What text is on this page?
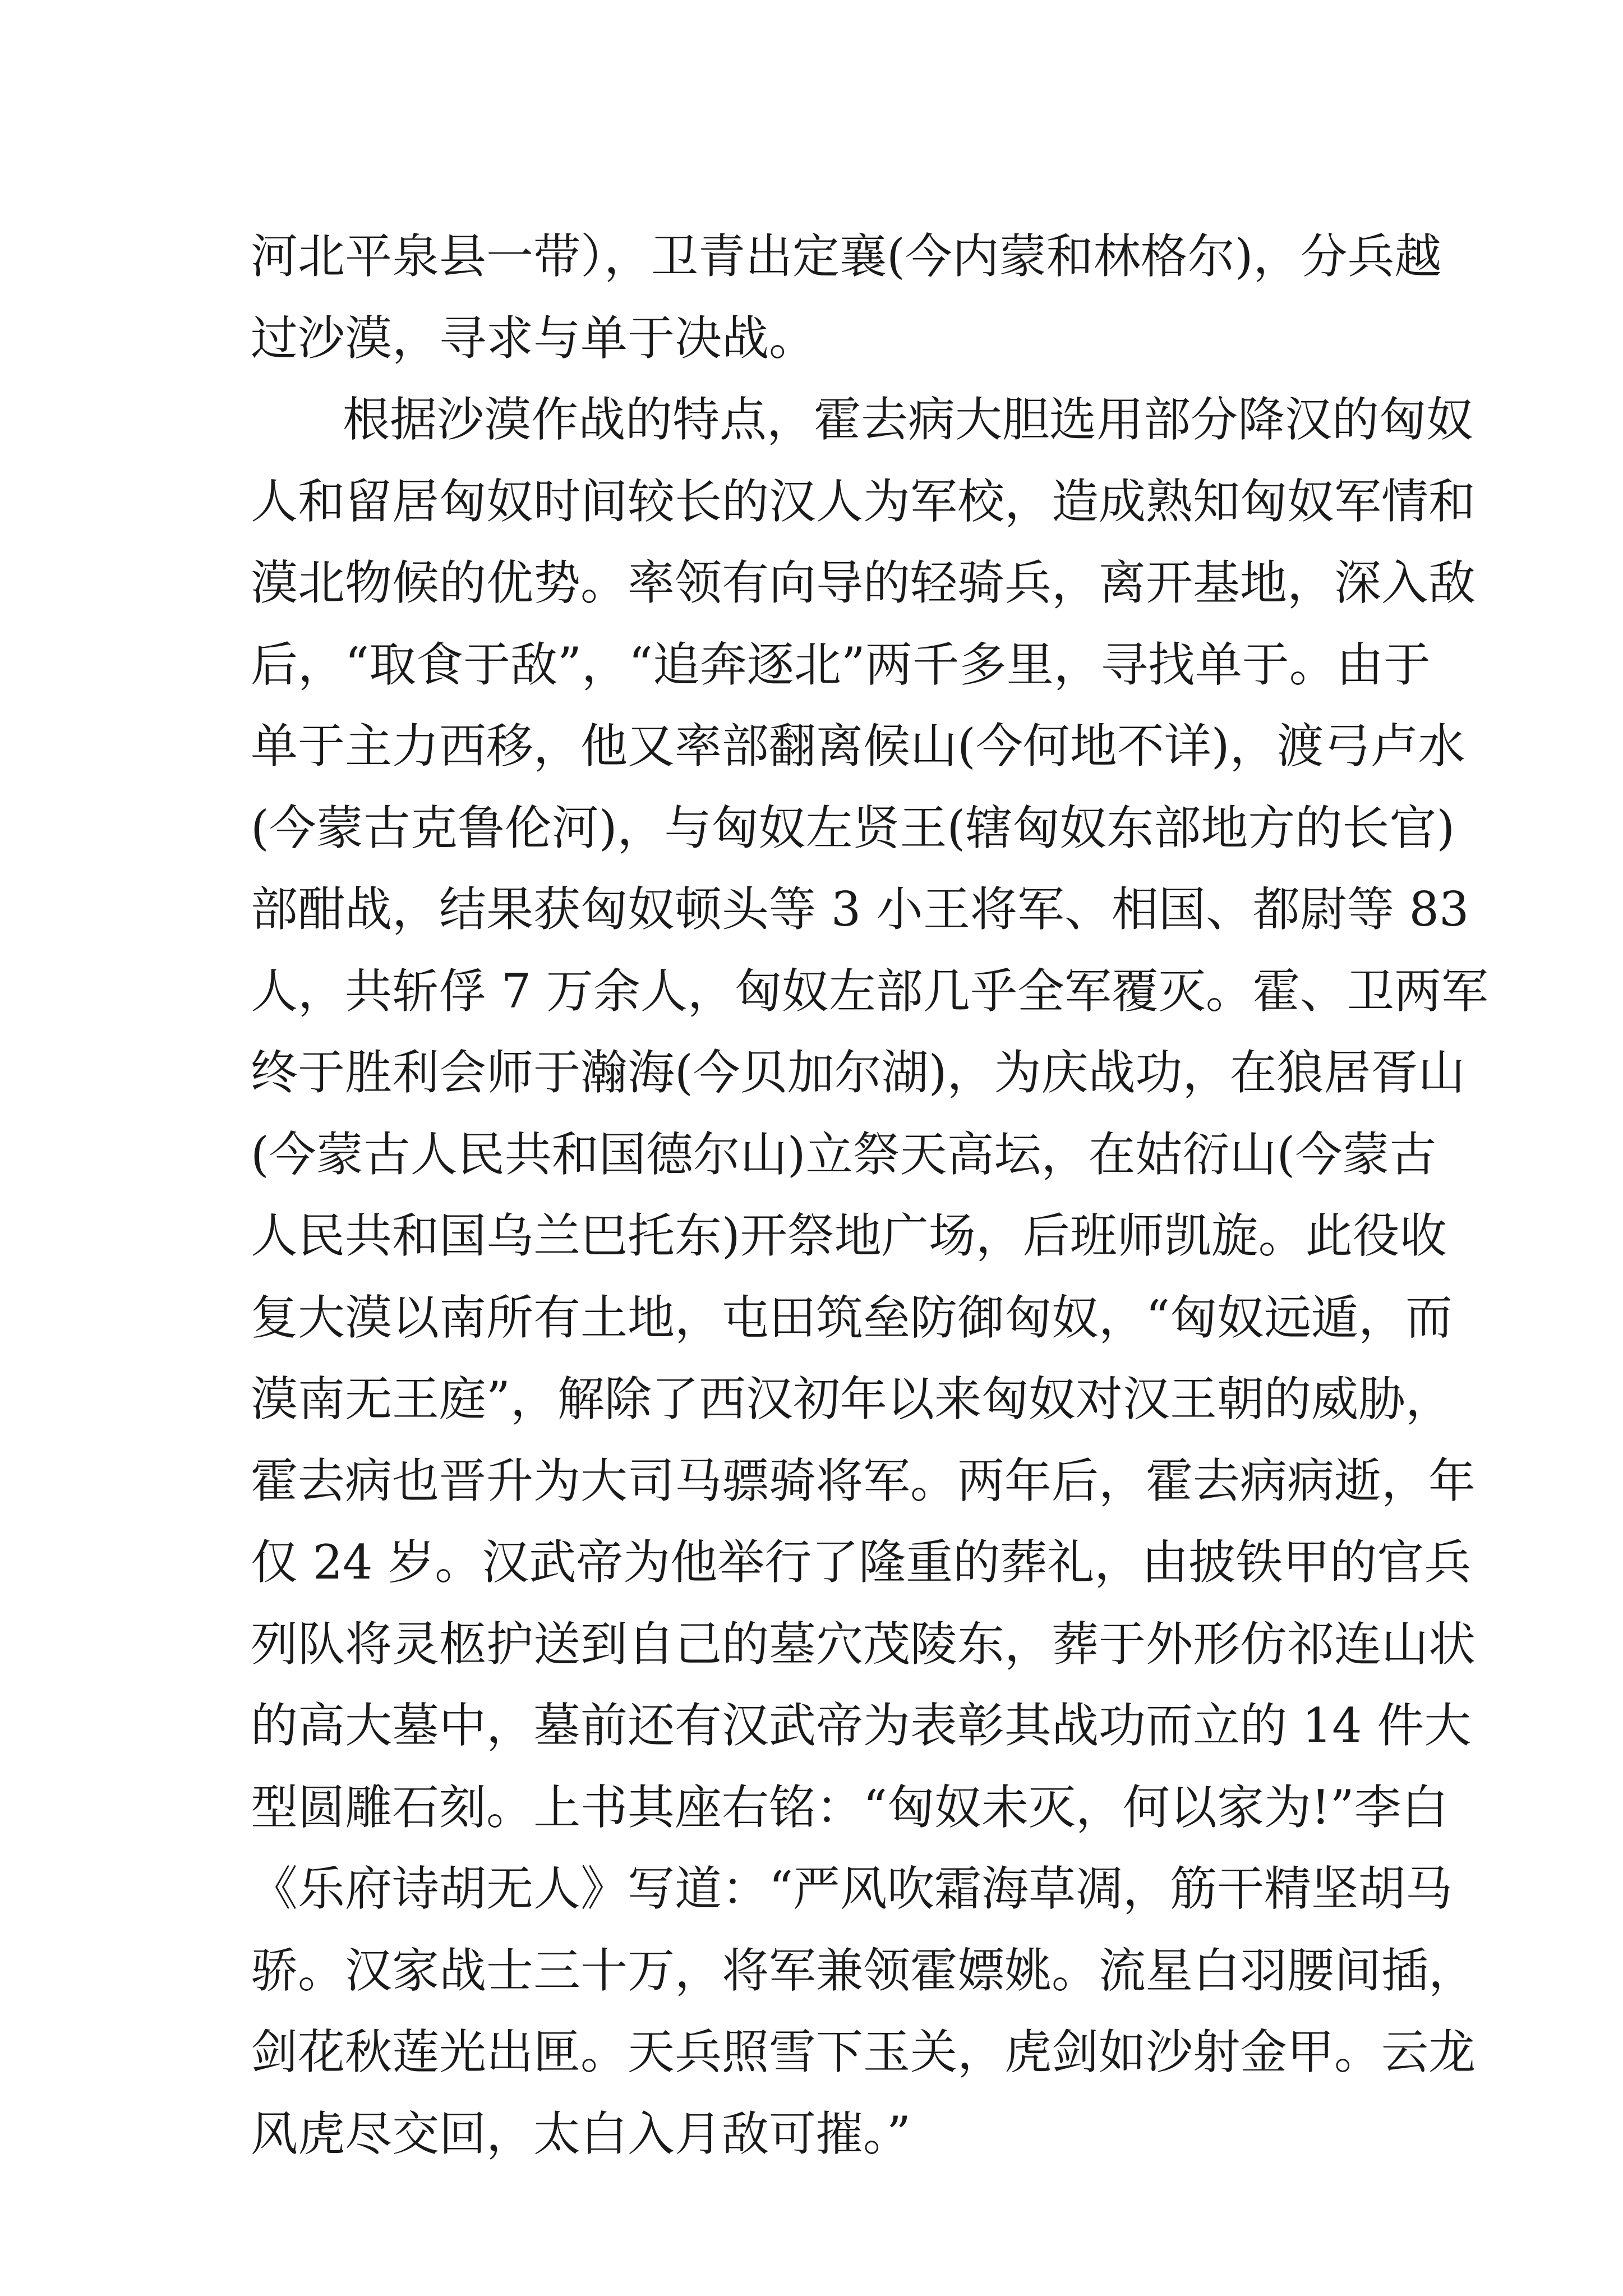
河北平泉县一带），卫青出定襄(今内蒙和林格尔)，分兵越
过沙漠，寻求与单于决战。
根据沙漠作战的特点，霍去病大胆选用部分降汉的匈奴
人和留居匈奴时间较长的汉人为军校，造成熟知匈奴军情和
漠北物候的优势。率领有向导的轻骑兵，离开基地，深入敌
后，“取食于敌”，“追奔逐北”两千多里，寻找单于。由于
单于主力西移，他又率部翻离候山(今何地不详)，渡弓卢水
(今蒙古克鲁伦河)，与匈奴左贤王(辖匈奴东部地方的长官)
部酣战，结果获匈奴顿头等 3 小王将军、相国、都尉等 83
人，共斩俘 7 万余人，匈奴左部几乎全军覆灭。霍、卫两军
终于胜利会师于瀚海(今贝加尔湖)，为庆战功，在狼居胥山
(今蒙古人民共和国德尔山)立祭天高坛，在姑衍山(今蒙古
人民共和国乌兰巴托东)开祭地广场，后班师凯旋。此役收
复大漠以南所有土地，屯田筑垒防御匈奴，“匈奴远遁，而
漠南无王庭”，解除了西汉初年以来匈奴对汉王朝的威胁，
霍去病也晋升为大司马骠骑将军。两年后，霍去病病逝，年
仅 24 岁。汉武帝为他举行了隆重的葬礼，由披铁甲的官兵
列队将灵柩护送到自己的墓穴茂陵东，葬于外形仿祁连山状
的高大墓中，墓前还有汉武帝为表彰其战功而立的 14 件大
型圆雕石刻。上书其座右铭：“匈奴未灭，何以家为!”李白
《乐府诗胡无人》写道：“严风吹霜海草凋，筋干精坚胡马
骄。汉家战士三十万，将军兼领霍嫖姚。流星白羽腰间插，
剑花秋莲光出匣。天兵照雪下玉关，虎剑如沙射金甲。云龙
风虎尽交回，太白入月敌可摧。”
